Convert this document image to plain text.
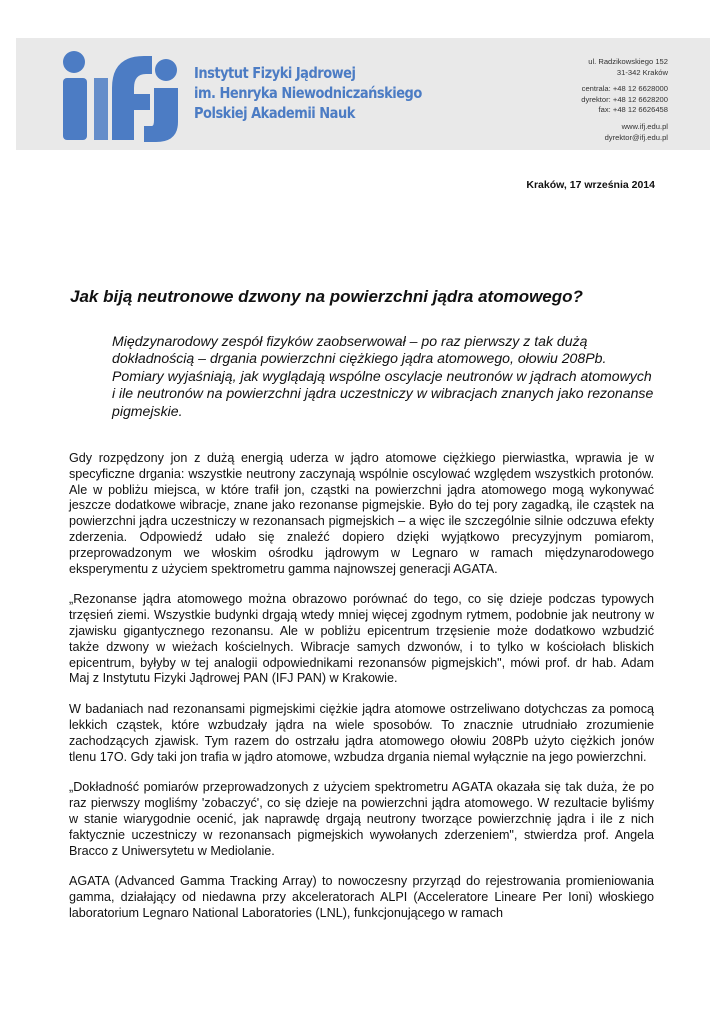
Instytut Fizyki Jądrowej
im. Henryka Niewodniczańskiego
Polskiej Akademii Nauk
ul. Radzikowskiego 152
31-342 Kraków
centrala: +48 12 6628000
dyrektor: +48 12 6628200
fax: +48 12 6626458
www.ifj.edu.pl
dyrektor@ifj.edu.pl
Kraków, 17 września 2014
Jak biją neutronowe dzwony na powierzchni jądra atomowego?
Międzynarodowy zespół fizyków zaobserwował – po raz pierwszy z tak dużą dokładnością – drgania powierzchni ciężkiego jądra atomowego, ołowiu 208Pb. Pomiary wyjaśniają, jak wyglądają wspólne oscylacje neutronów w jądrach atomowych i ile neutronów na powierzchni jądra uczestniczy w wibracjach znanych jako rezonanse pigmejskie.

Gdy rozpędzony jon z dużą energią uderza w jądro atomowe ciężkiego pierwiastka, wprawia je w specyficzne drgania: wszystkie neutrony zaczynają wspólnie oscylować względem wszystkich protonów. Ale w pobliżu miejsca, w które trafił jon, cząstki na powierzchni jądra atomowego mogą wykonywać jeszcze dodatkowe wibracje, znane jako rezonanse pigmejskie. Było do tej pory zagadką, ile cząstek na powierzchni jądra uczestniczy w rezonansach pigmejskich – a więc ile szczególnie silnie odczuwa efekty zderzenia. Odpowiedź udało się znaleźć dopiero dzięki wyjątkowo precyzyjnym pomiarom, przeprowadzonym we włoskim ośrodku jądrowym w Legnaro w ramach międzynarodowego eksperymentu z użyciem spektrometru gamma najnowszej generacji AGATA.

„Rezonanse jądra atomowego można obrazowo porównać do tego, co się dzieje podczas typowych trzęsień ziemi. Wszystkie budynki drgają wtedy mniej więcej zgodnym rytmem, podobnie jak neutrony w zjawisku gigantycznego rezonansu. Ale w pobliżu epicentrum trzęsienie może dodatkowo wzbudzić także dzwony w wieżach kościelnych. Wibracje samych dzwonów, i to tylko w kościołach bliskich epicentrum, byłyby w tej analogii odpowiednikami rezonansów pigmejskich", mówi prof. dr hab. Adam Maj z Instytutu Fizyki Jądrowej PAN (IFJ PAN) w Krakowie.

W badaniach nad rezonansami pigmejskimi ciężkie jądra atomowe ostrzeliwano dotychczas za pomocą lekkich cząstek, które wzbudzały jądra na wiele sposobów. To znacznie utrudniało zrozumienie zachodzących zjawisk. Tym razem do ostrzału jądra atomowego ołowiu 208Pb użyto ciężkich jonów tlenu 17O. Gdy taki jon trafia w jądro atomowe, wzbudza drgania niemal wyłącznie na jego powierzchni.

„Dokładność pomiarów przeprowadzonych z użyciem spektrometru AGATA okazała się tak duża, że po raz pierwszy mogliśmy 'zobaczyć', co się dzieje na powierzchni jądra atomowego. W rezultacie byliśmy w stanie wiarygodnie ocenić, jak naprawdę drgają neutrony tworzące powierzchnię jądra i ile z nich faktycznie uczestniczy w rezonansach pigmejskich wywołanych zderzeniem", stwierdza prof. Angela Bracco z Uniwersytetu w Mediolanie.

AGATA (Advanced Gamma Tracking Array) to nowoczesny przyrząd do rejestrowania promieniowania gamma, działający od niedawna przy akceleratorach ALPI (Acceleratore Lineare Per Ioni) włoskiego laboratorium Legnaro National Laboratories (LNL), funkcjonującego w ramach
